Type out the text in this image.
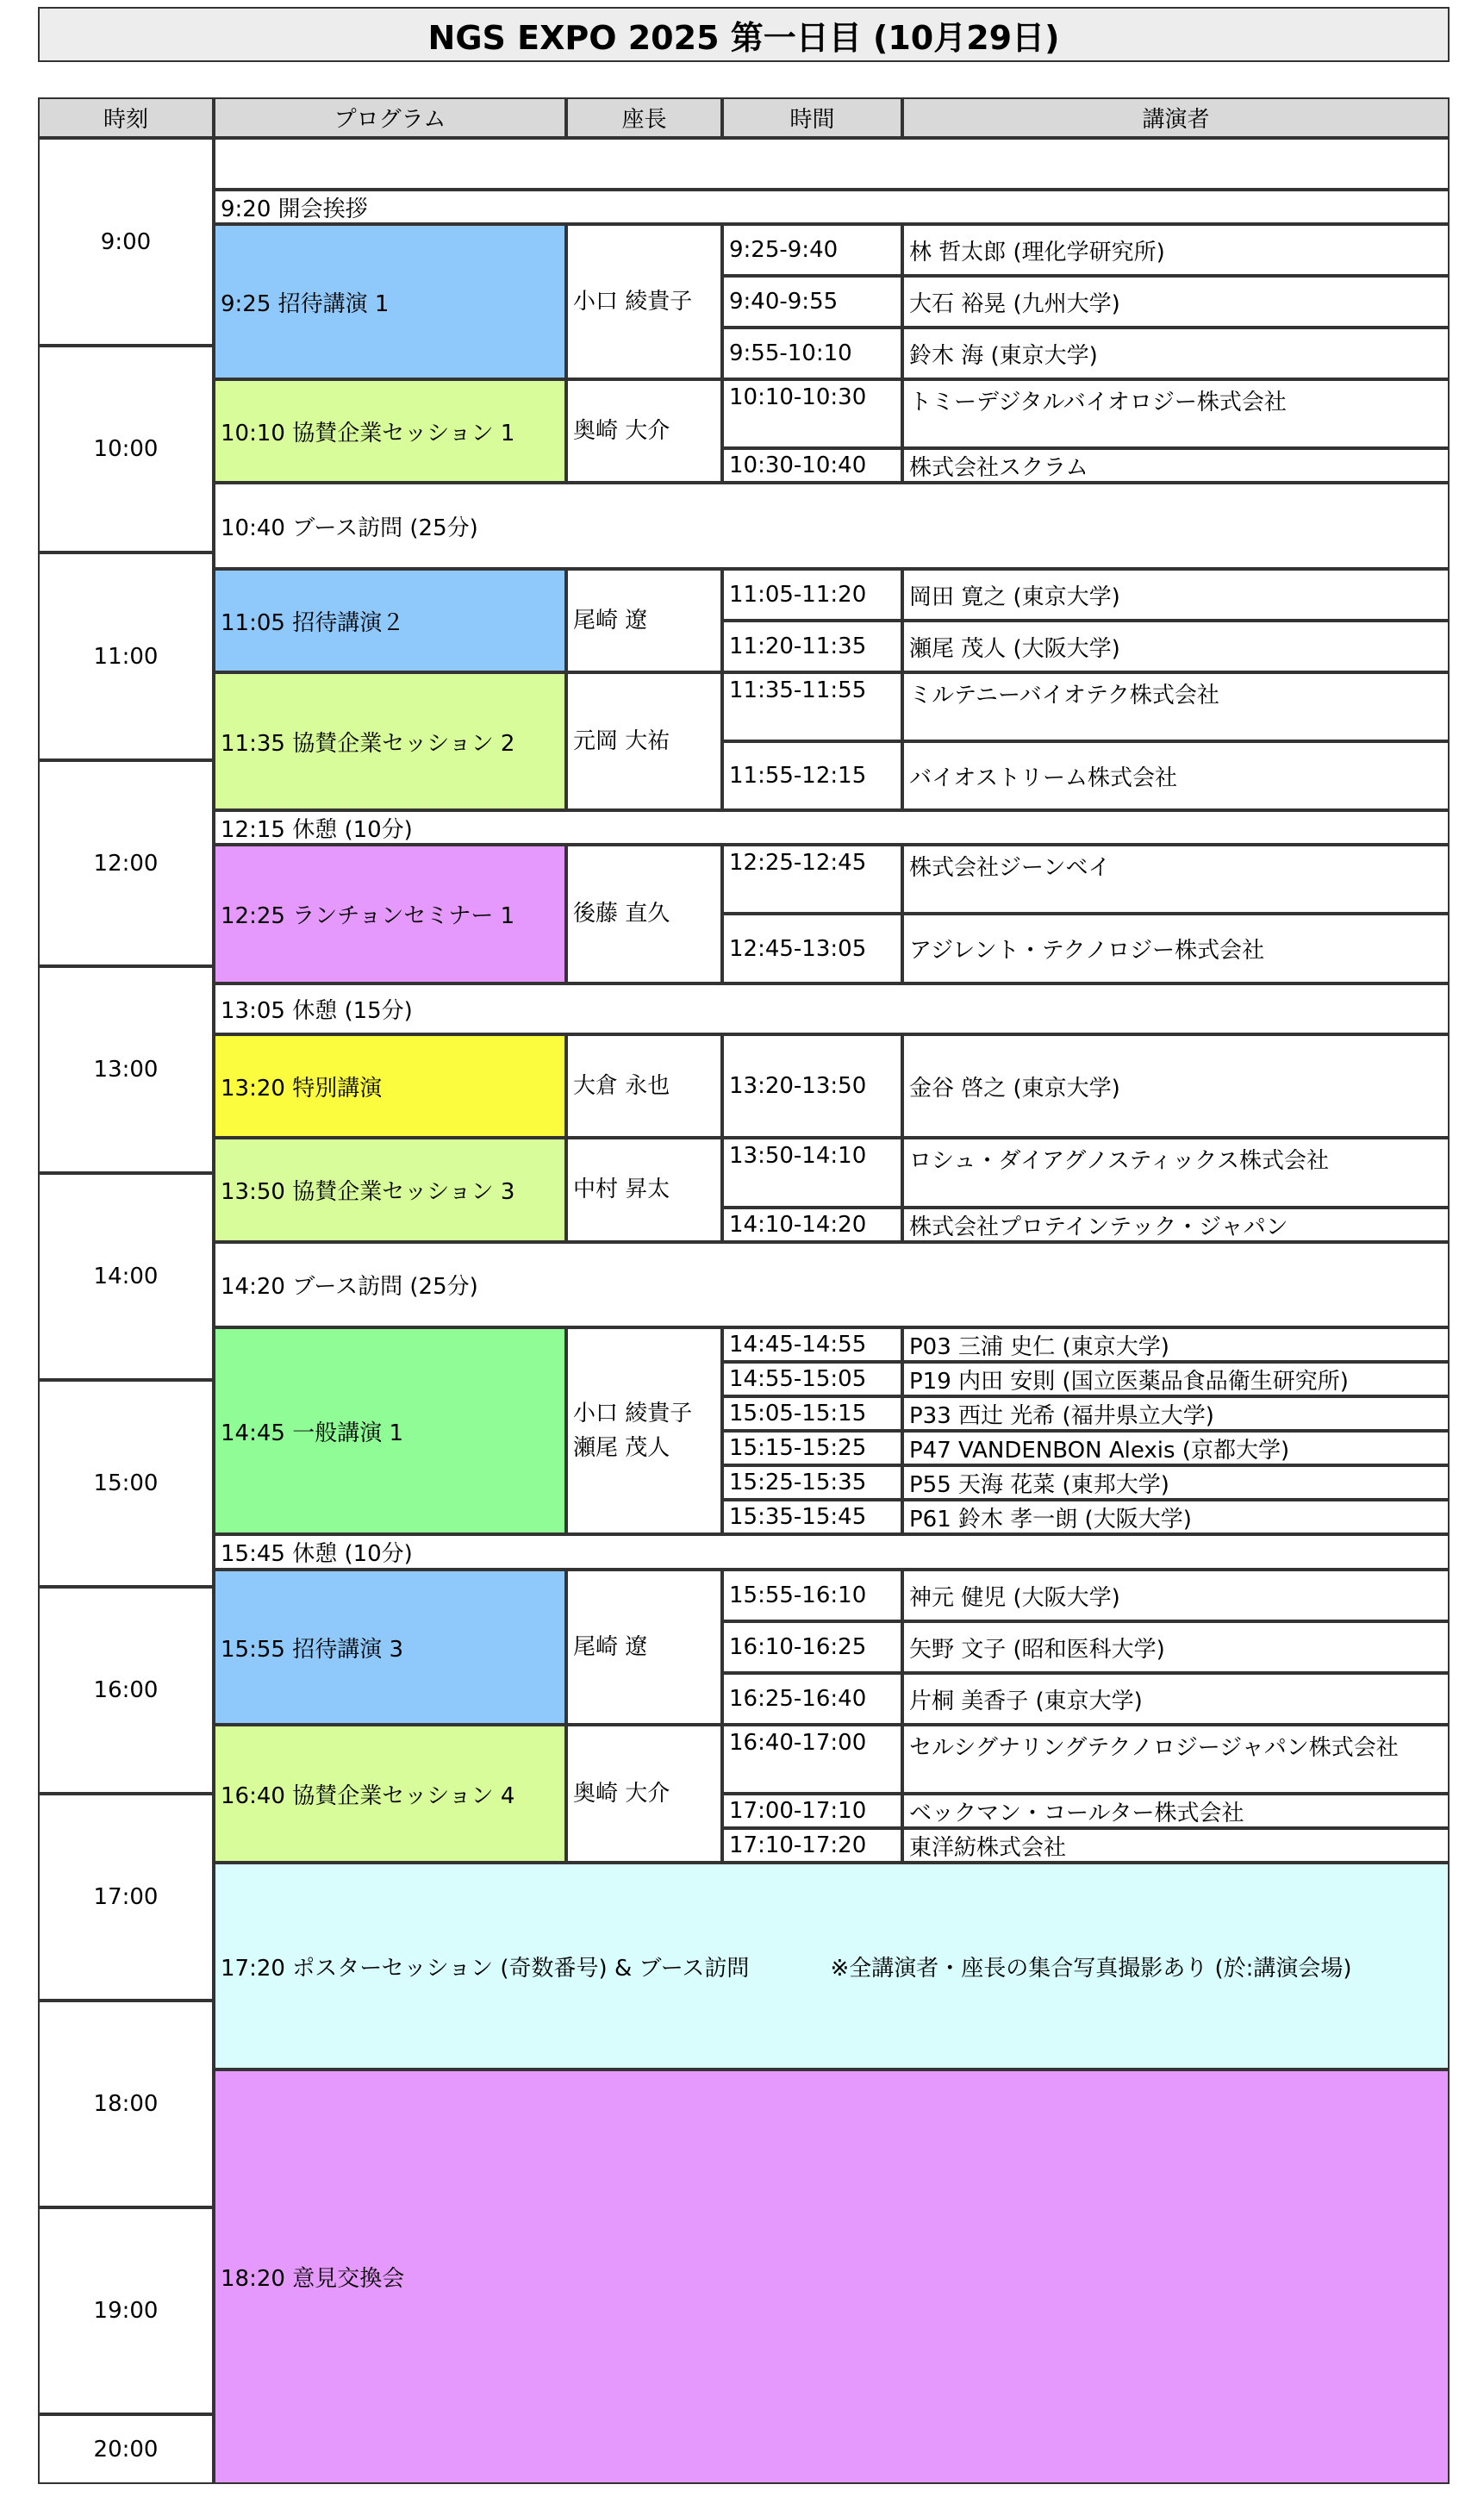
NGS EXPO 2025 第一日目 (10月29日)
時刻	プログラム	座長	時間	講演者
9:00
10:00
11:00
12:00
13:00
14:00
15:00
16:00
17:00
18:00
19:00
20:00
9:20 開会挨拶
10:40 ブース訪問 (25分)
12:15 休憩 (10分)
13:05 休憩 (15分)
14:20 ブース訪問 (25分)
15:45 休憩 (10分)
9:25 招待講演 1	小口 綾貴子
9:25-9:40	林 哲太郎 (理化学研究所)
9:40-9:55	大石 裕晃 (九州大学)
9:55-10:10	鈴木 海 (東京大学)
10:10 協賛企業セッション 1	奥崎 大介
10:10-10:30	トミーデジタルバイオロジー株式会社
10:30-10:40	株式会社スクラム
11:05 招待講演２	尾崎 遼
11:05-11:20	岡田 寛之 (東京大学)
11:20-11:35	瀬尾 茂人 (大阪大学)
11:35 協賛企業セッション 2	元岡 大祐
11:35-11:55	ミルテニーバイオテク株式会社
11:55-12:15	バイオストリーム株式会社
12:25 ランチョンセミナー 1	後藤 直久
12:25-12:45	株式会社ジーンベイ
12:45-13:05	アジレント・テクノロジー株式会社
13:20 特別講演	大倉 永也	13:20-13:50	金谷 啓之 (東京大学)
13:50 協賛企業セッション 3	中村 昇太
13:50-14:10	ロシュ・ダイアグノスティックス株式会社
14:10-14:20	株式会社プロテインテック・ジャパン
14:45 一般講演 1
小口 綾貴子
瀬尾 茂人
14:45-14:55	P03 三浦 史仁 (東京大学)
14:55-15:05	P19 内田 安則 (国立医薬品食品衛生研究所)
15:05-15:15	P33 西辻 光希 (福井県立大学)
15:15-15:25	P47 VANDENBON Alexis (京都大学)
15:25-15:35	P55 天海 花菜 (東邦大学)
15:35-15:45	P61 鈴木 孝一朗 (大阪大学)
15:55 招待講演 3	尾崎 遼
15:55-16:10	神元 健児 (大阪大学)
16:10-16:25	矢野 文子 (昭和医科大学)
16:25-16:40	片桐 美香子 (東京大学)
16:40 協賛企業セッション 4	奥崎 大介
16:40-17:00	セルシグナリングテクノロジージャパン株式会社
17:00-17:10	ベックマン・コールター株式会社
17:10-17:20	東洋紡株式会社
17:20 ポスターセッション (奇数番号) & ブース訪問	※全講演者・座長の集合写真撮影あり (於:講演会場)
18:20 意見交換会
